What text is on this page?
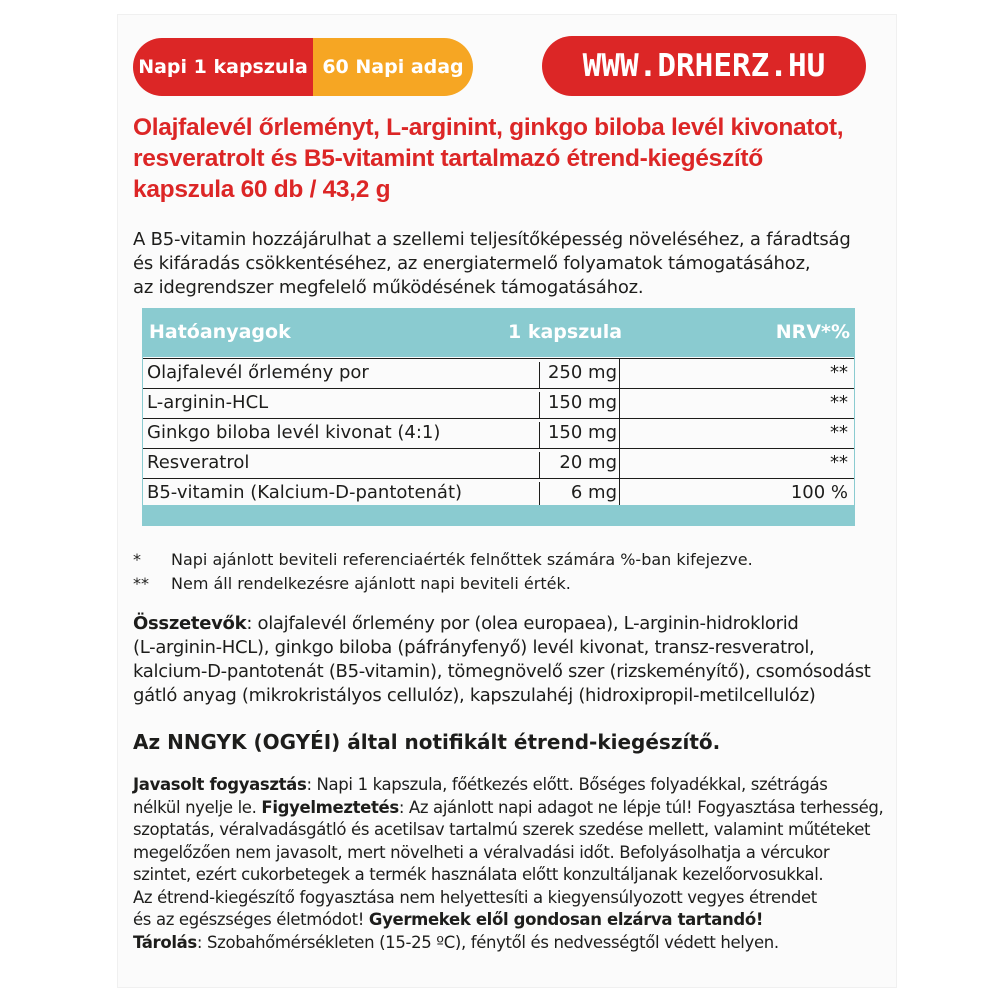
Napi 1 kapszula 60 Napi adag	WWW.DRHERZ.HU
Olajfalevél őrleményt, L-arginint, ginkgo biloba levél kivonatot,
resveratrolt és B5-vitamint tartalmazó étrend-kiegészítő
kapszula 60 db / 43,2 g
A B5-vitamin hozzájárulhat a szellemi teljesítőképesség növeléséhez, a fáradtság
és kifáradás csökkentéséhez, az energiatermelő folyamatok támogatásához,
az idegrendszer megfelelő működésének támogatásához.
Hatóanyagok	1 kapszula	NRV*%
Olajfalevél őrlemény por	250 mg	**
L-arginin-HCL	150 mg	**
Ginkgo biloba levél kivonat (4:1)	150 mg	**
Resveratrol	20 mg	**
B5-vitamin (Kalcium-D-pantotenát)	6 mg	100 %
* Napi ajánlott beviteli referenciaérték felnőttek számára %-ban kifejezve.
** Nem áll rendelkezésre ajánlott napi beviteli érték.
Összetevők: olajfalevél őrlemény por (olea europaea), L-arginin-hidroklorid
(L-arginin-HCL), ginkgo biloba (páfrányfenyő) levél kivonat, transz-resveratrol,
kalcium-D-pantotenát (B5-vitamin), tömegnövelő szer (rizskeményítő), csomósodást
gátló anyag (mikrokristályos cellulóz), kapszulahéj (hidroxipropil-metilcellulóz)
Az NNGYK (OGYÉI) által notifikált étrend-kiegészítő.
Javasolt fogyasztás: Napi 1 kapszula, főétkezés előtt. Bőséges folyadékkal, szétrágás
nélkül nyelje le. Figyelmeztetés: Az ajánlott napi adagot ne lépje túl! Fogyasztása terhesség,
szoptatás, véralvadásgátló és acetilsav tartalmú szerek szedése mellett, valamint műtéteket
megelőzően nem javasolt, mert növelheti a véralvadási időt. Befolyásolhatja a vércukor
szintet, ezért cukorbetegek a termék használata előtt konzultáljanak kezelőorvosukkal.
Az étrend-kiegészítő fogyasztása nem helyettesíti a kiegyensúlyozott vegyes étrendet
és az egészséges életmódot! Gyermekek elől gondosan elzárva tartandó!
Tárolás: Szobahőmérsékleten (15-25 ºC), fénytől és nedvességtől védett helyen.
